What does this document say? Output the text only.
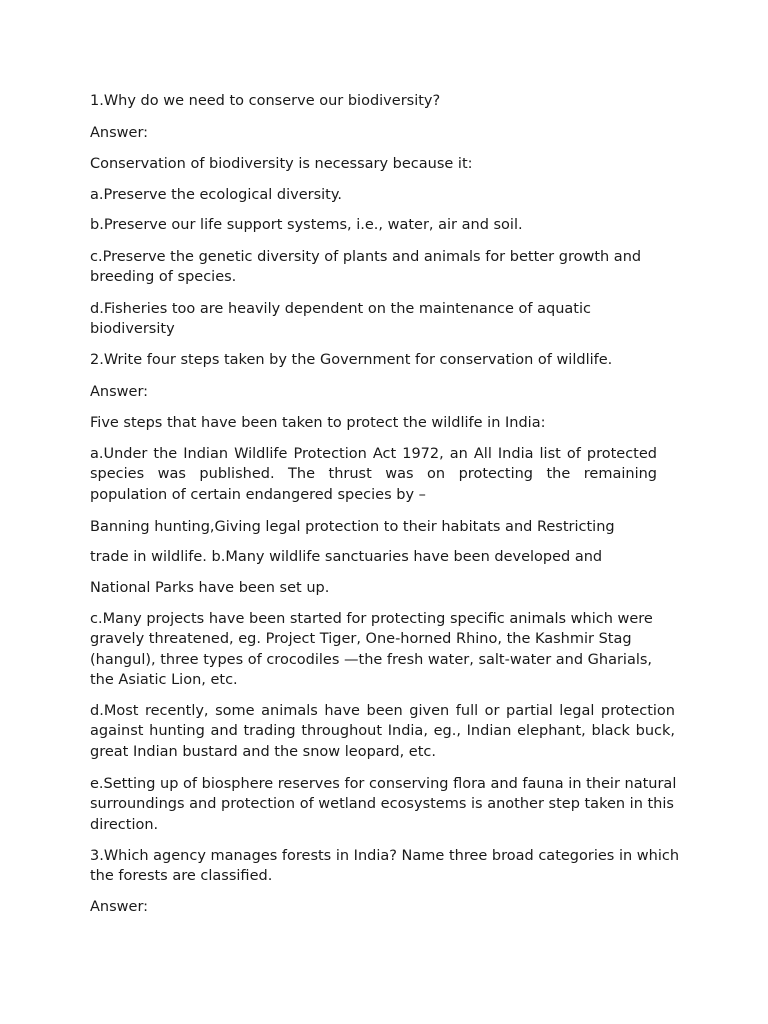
1.Why do we need to conserve our biodiversity?

Answer:

Conservation of biodiversity is necessary because it:

a.Preserve the ecological diversity.

b.Preserve our life support systems, i.e., water, air and soil.

c.Preserve the genetic diversity of plants and animals for better growth and breeding of species.

d.Fisheries too are heavily dependent on the maintenance of aquatic biodiversity

2.Write four steps taken by the Government for conservation of wildlife.

Answer:

Five steps that have been taken to protect the wildlife in India:

a.Under the Indian Wildlife Protection Act 1972, an All India list of protected species was published. The thrust was on protecting the remaining population of certain endangered species by –

Banning hunting,Giving legal protection to their habitats and Restricting

trade in wildlife. b.Many wildlife sanctuaries have been developed and

National Parks have been set up.

c.Many projects have been started for protecting specific animals which were gravely threatened, eg. Project Tiger, One-horned Rhino, the Kashmir Stag (hangul), three types of crocodiles —the fresh water, salt-water and Gharials, the Asiatic Lion, etc.

d.Most recently, some animals have been given full or partial legal protection against hunting and trading throughout India, eg., Indian elephant, black buck, great Indian bustard and the snow leopard, etc.

e.Setting up of biosphere reserves for conserving flora and fauna in their natural surroundings and protection of wetland ecosystems is another step taken in this direction.

3.Which agency manages forests in India? Name three broad categories in which the forests are classified.

Answer:
